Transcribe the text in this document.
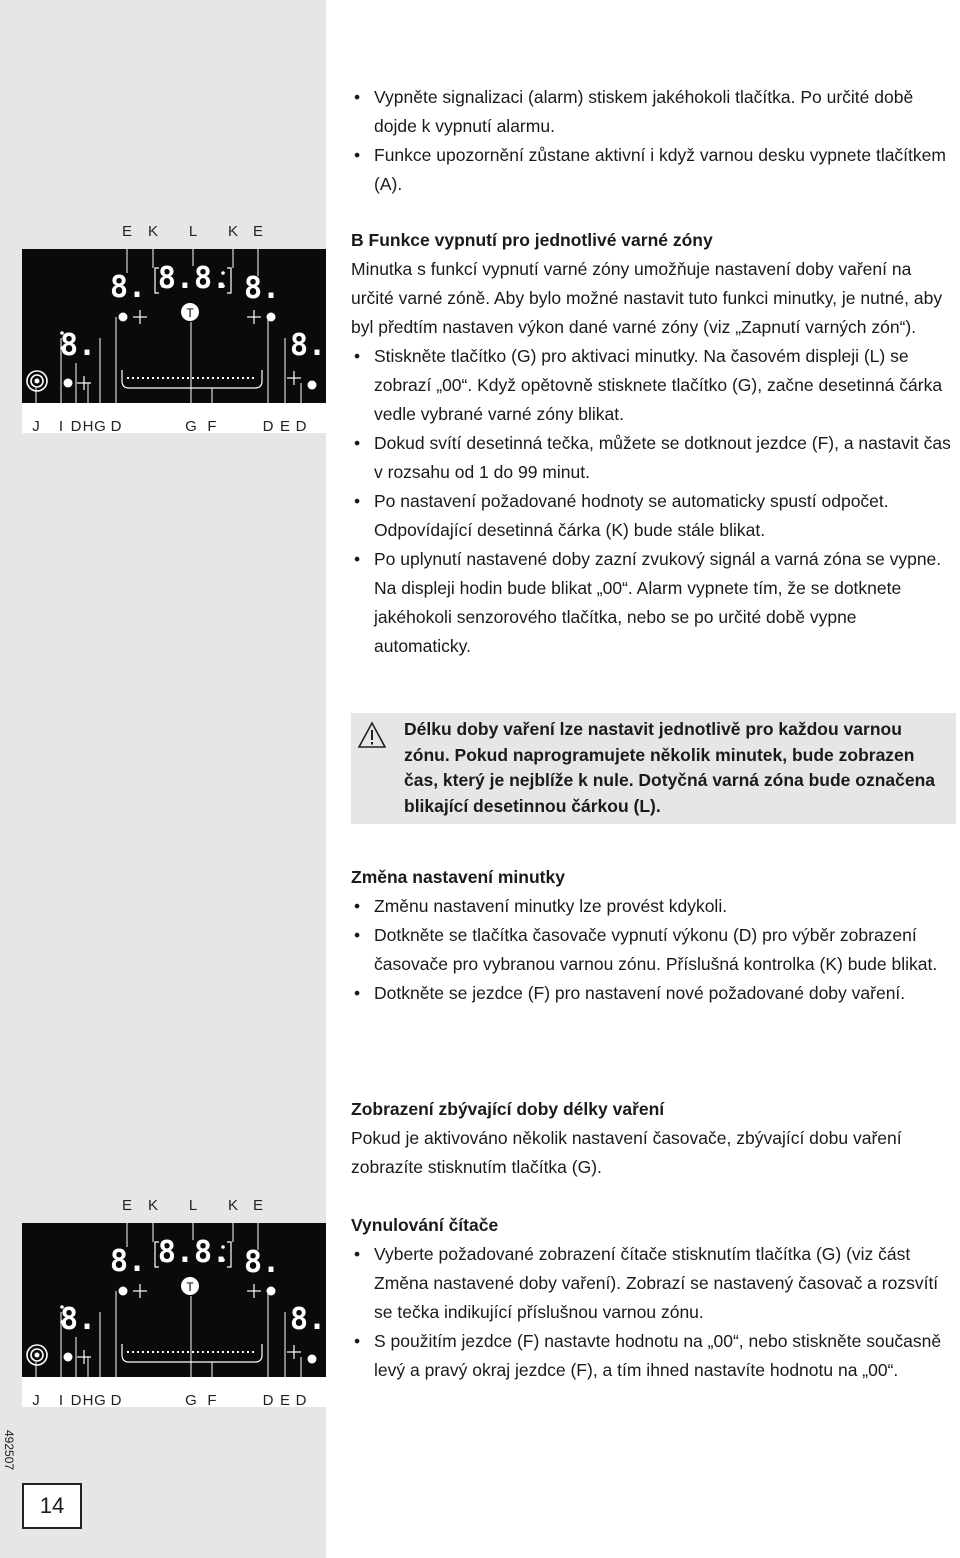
E K L K E
J I D H G D	G F	D E D
8. 8.8. 8.
T
8.	8.
E K L K E
J I D H G D	G F	D E D
8. 8.8. 8.
T
8.	8.
• Vypněte signalizaci (alarm) stiskem jakéhokoli tlačítka. Po určité době dojde k vypnutí alarmu.
• Funkce upozornění zůstane aktivní i když varnou desku vypnete tlačítkem (A).

B Funkce vypnutí pro jednotlivé varné zóny

Minutka s funkcí vypnutí varné zóny umožňuje nastavení doby vaření na určité varné zóně. Aby bylo možné nastavit tuto funkci minutky, je nutné, aby byl předtím nastaven výkon dané varné zóny (viz „Zapnutí varných zón“).

• Stiskněte tlačítko (G) pro aktivaci minutky. Na časovém displeji (L) se zobrazí „00“. Když opětovně stisknete tlačítko (G), začne desetinná čárka vedle vybrané varné zóny blikat.
• Dokud svítí desetinná tečka, můžete se dotknout jezdce (F), a nastavit čas v rozsahu od 1 do 99 minut.
• Po nastavení požadované hodnoty se automaticky spustí odpočet. Odpovídající desetinná čárka (K) bude stále blikat.
• Po uplynutí nastavené doby zazní zvukový signál a varná zóna se vypne. Na displeji hodin bude blikat „00“. Alarm vypnete tím, že se dotknete jakéhokoli senzorového tlačítka, nebo se po určité době vypne automaticky.

Délku doby vaření lze nastavit jednotlivě pro každou varnou zónu. Pokud naprogramujete několik minutek, bude zobrazen čas, který je nejblíže k nule. Dotyčná varná zóna bude označena blikající desetinnou čárkou (L).

Změna nastavení minutky

• Změnu nastavení minutky lze provést kdykoli.
• Dotkněte se tlačítka časovače vypnutí výkonu (D) pro výběr zobrazení časovače pro vybranou varnou zónu. Příslušná kontrolka (K) bude blikat.
• Dotkněte se jezdce (F) pro nastavení nové požadované doby vaření.

Zobrazení zbývající doby délky vaření

Pokud je aktivováno několik nastavení časovače, zbývající dobu vaření zobrazíte stisknutím tlačítka (G).

Vynulování čítače

• Vyberte požadované zobrazení čítače stisknutím tlačítka (G) (viz část Změna nastavené doby vaření). Zobrazí se nastavený časovač a rozsvítí se tečka indikující příslušnou varnou zónu.
• S použitím jezdce (F) nastavte hodnotu na „00“, nebo stiskněte současně levý a pravý okraj jezdce (F), a tím ihned nastavíte hodnotu na „00“.
492507
14
